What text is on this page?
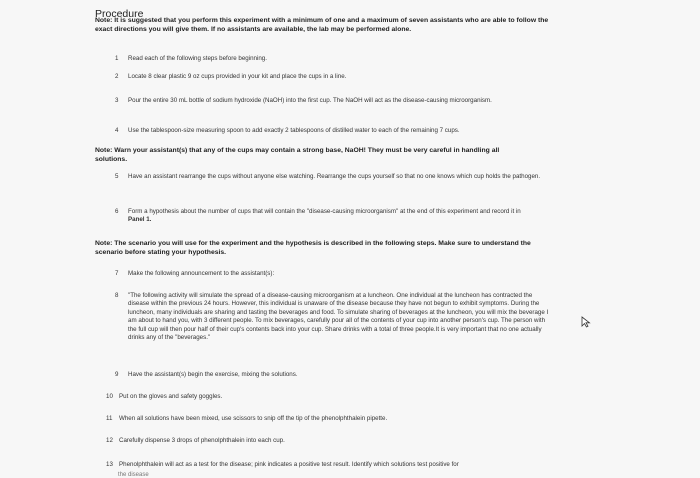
Procedure
Note: It is suggested that you perform this experiment with a minimum of one and a maximum of seven assistants who are able to follow the exact directions you will give them. If no assistants are available, the lab may be performed alone.
1 Read each of the following steps before beginning.
2 Locate 8 clear plastic 9 oz cups provided in your kit and place the cups in a line.
3 Pour the entire 30 mL bottle of sodium hydroxide (NaOH) into the first cup. The NaOH will act as the disease-causing microorganism.
4 Use the tablespoon-size measuring spoon to add exactly 2 tablespoons of distilled water to each of the remaining 7 cups.
Note: Warn your assistant(s) that any of the cups may contain a strong base, NaOH! They must be very careful in handling all solutions.
5 Have an assistant rearrange the cups without anyone else watching. Rearrange the cups yourself so that no one knows which cup holds the pathogen.
6 Form a hypothesis about the number of cups that will contain the "disease-causing microorganism" at the end of this experiment and record it in Panel 1.
Note: The scenario you will use for the experiment and the hypothesis is described in the following steps. Make sure to understand the scenario before stating your hypothesis.
7 Make the following announcement to the assistant(s):
8 "The following activity will simulate the spread of a disease-causing microorganism at a luncheon. One individual at the luncheon has contracted the disease within the previous 24 hours. However, this individual is unaware of the disease because they have not begun to exhibit symptoms. During the luncheon, many individuals are sharing and tasting the beverages and food. To simulate sharing of beverages at the luncheon, you will mix the beverage I am about to hand you, with 3 different people. To mix beverages, carefully pour all of the contents of your cup into another person's cup. The person with the full cup will then pour half of their cup's contents back into your cup. Share drinks with a total of three people.It is very important that no one actually drinks any of the "beverages."
9 Have the assistant(s) begin the exercise, mixing the solutions.
10 Put on the gloves and safety goggles.
11 When all solutions have been mixed, use scissors to snip off the tip of the phenolphthalein pipette.
12 Carefully dispense 3 drops of phenolphthalein into each cup.
13 Phenolphthalein will act as a test for the disease; pink indicates a positive test result. Identify which solutions test positive for
the disease
